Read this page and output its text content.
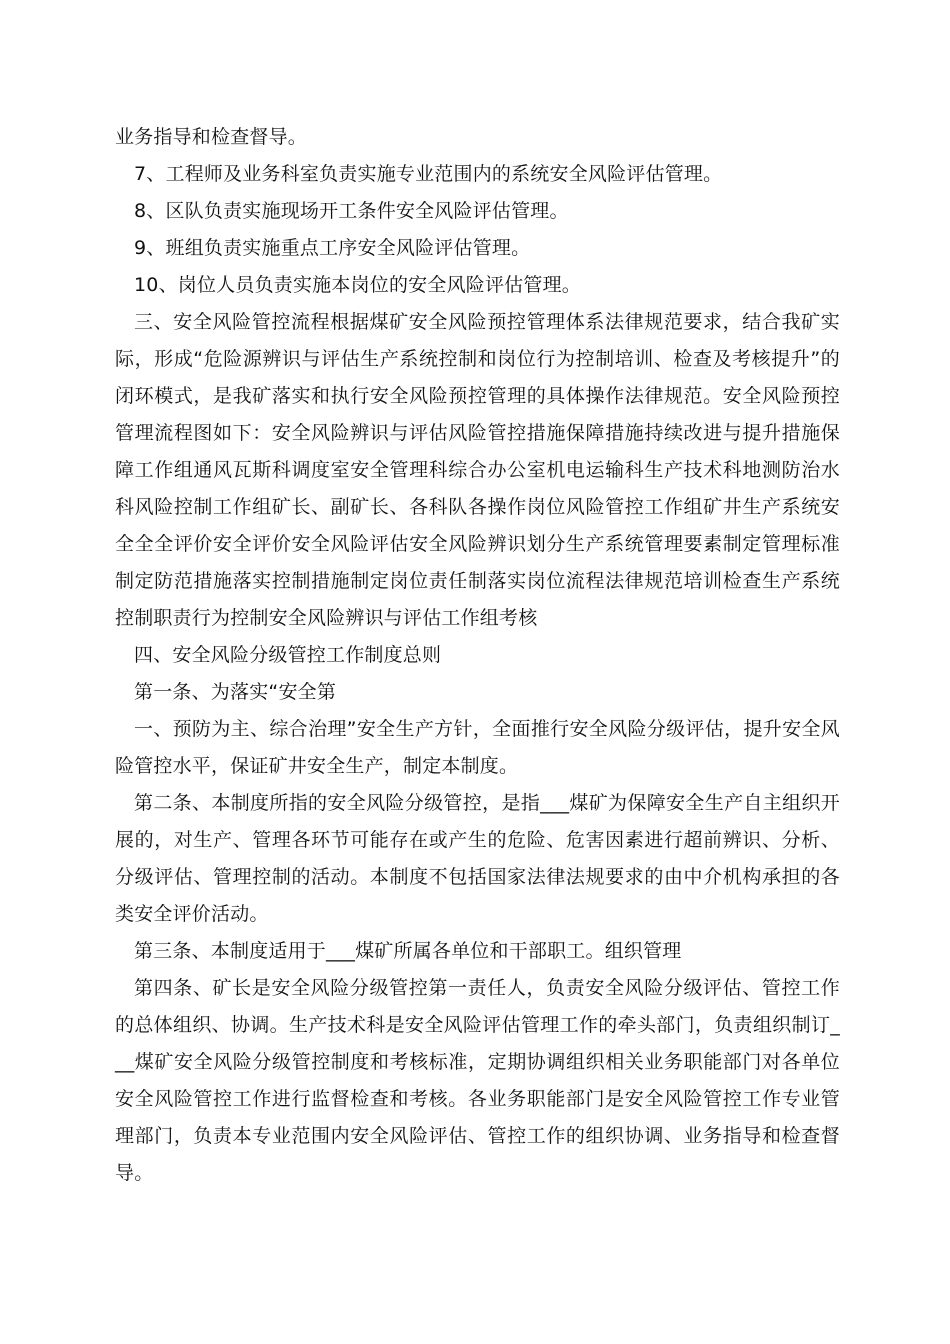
业务指导和检查督导。

7、工程师及业务科室负责实施专业范围内的系统安全风险评估管理。

8、区队负责实施现场开工条件安全风险评估管理。

9、班组负责实施重点工序安全风险评估管理。

10、岗位人员负责实施本岗位的安全风险评估管理。

三、安全风险管控流程根据煤矿安全风险预控管理体系法律规范要求，结合我矿实际，形成“危险源辨识与评估生产系统控制和岗位行为控制培训、检查及考核提升”的闭环模式，是我矿落实和执行安全风险预控管理的具体操作法律规范。安全风险预控管理流程图如下：安全风险辨识与评估风险管控措施保障措施持续改进与提升措施保障工作组通风瓦斯科调度室安全管理科综合办公室机电运输科生产技术科地测防治水科风险控制工作组矿长、副矿长、各科队各操作岗位风险管控工作组矿井生产系统安全全全评价安全评价安全风险评估安全风险辨识划分生产系统管理要素制定管理标准制定防范措施落实控制措施制定岗位责任制落实岗位流程法律规范培训检查生产系统控制职责行为控制安全风险辨识与评估工作组考核

四、安全风险分级管控工作制度总则

第一条、为落实“安全第

一、预防为主、综合治理”安全生产方针，全面推行安全风险分级评估，提升安全风险管控水平，保证矿井安全生产，制定本制度。

第二条、本制度所指的安全风险分级管控，是指___煤矿为保障安全生产自主组织开展的，对生产、管理各环节可能存在或产生的危险、危害因素进行超前辨识、分析、分级评估、管理控制的活动。本制度不包括国家法律法规要求的由中介机构承担的各类安全评价活动。

第三条、本制度适用于___煤矿所属各单位和干部职工。组织管理

第四条、矿长是安全风险分级管控第一责任人，负责安全风险分级评估、管控工作的总体组织、协调。生产技术科是安全风险评估管理工作的牵头部门，负责组织制订___煤矿安全风险分级管控制度和考核标准，定期协调组织相关业务职能部门对各单位安全风险管控工作进行监督检查和考核。各业务职能部门是安全风险管控工作专业管理部门，负责本专业范围内安全风险评估、管控工作的组织协调、业务指导和检查督导。
